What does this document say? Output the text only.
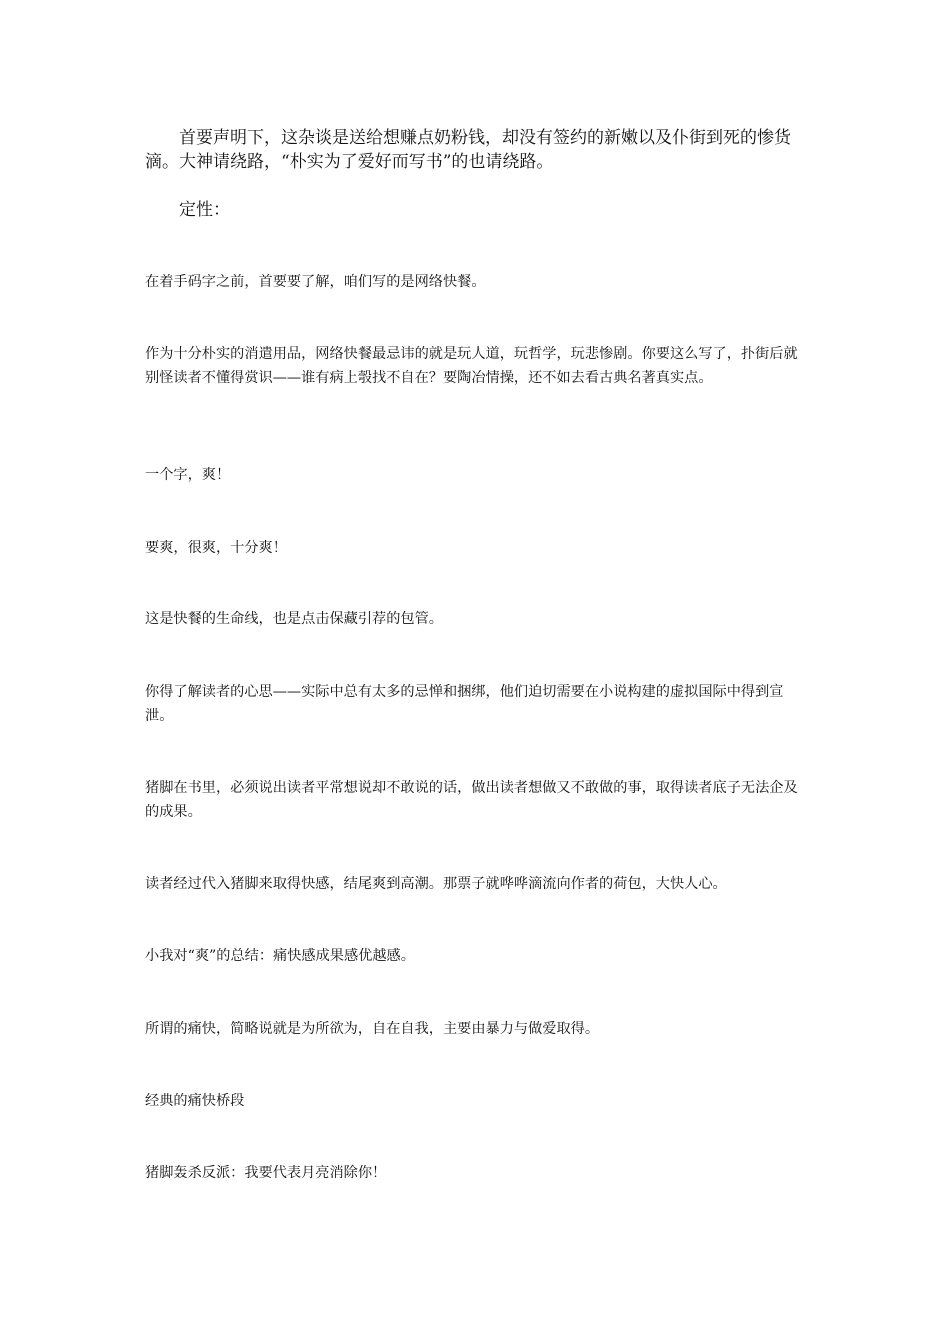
首要声明下，这杂谈是送给想赚点奶粉钱，却没有签约的新嫩以及仆街到死的惨货滴。大神请绕路，“朴实为了爱好而写书”的也请绕路。

定性：

在着手码字之前，首要要了解，咱们写的是网络快餐。

作为十分朴实的消遣用品，网络快餐最忌讳的就是玩人道，玩哲学，玩悲惨剧。你要这么写了，扑街后就别怪读者不懂得赏识——谁有病上彀找不自在？要陶冶情操，还不如去看古典名著真实点。

一个字，爽！

要爽，很爽，十分爽！

这是快餐的生命线，也是点击保藏引荐的包管。

你得了解读者的心思——实际中总有太多的忌惮和捆绑，他们迫切需要在小说构建的虚拟国际中得到宣泄。

猪脚在书里，必须说出读者平常想说却不敢说的话，做出读者想做又不敢做的事，取得读者底子无法企及的成果。

读者经过代入猪脚来取得快感，结尾爽到高潮。那票子就哗哗滴流向作者的荷包，大快人心。

小我对“爽”的总结：痛快感成果感优越感。

所谓的痛快，简略说就是为所欲为，自在自我，主要由暴力与做爱取得。

经典的痛快桥段

猪脚轰杀反派：我要代表月亮消除你！
